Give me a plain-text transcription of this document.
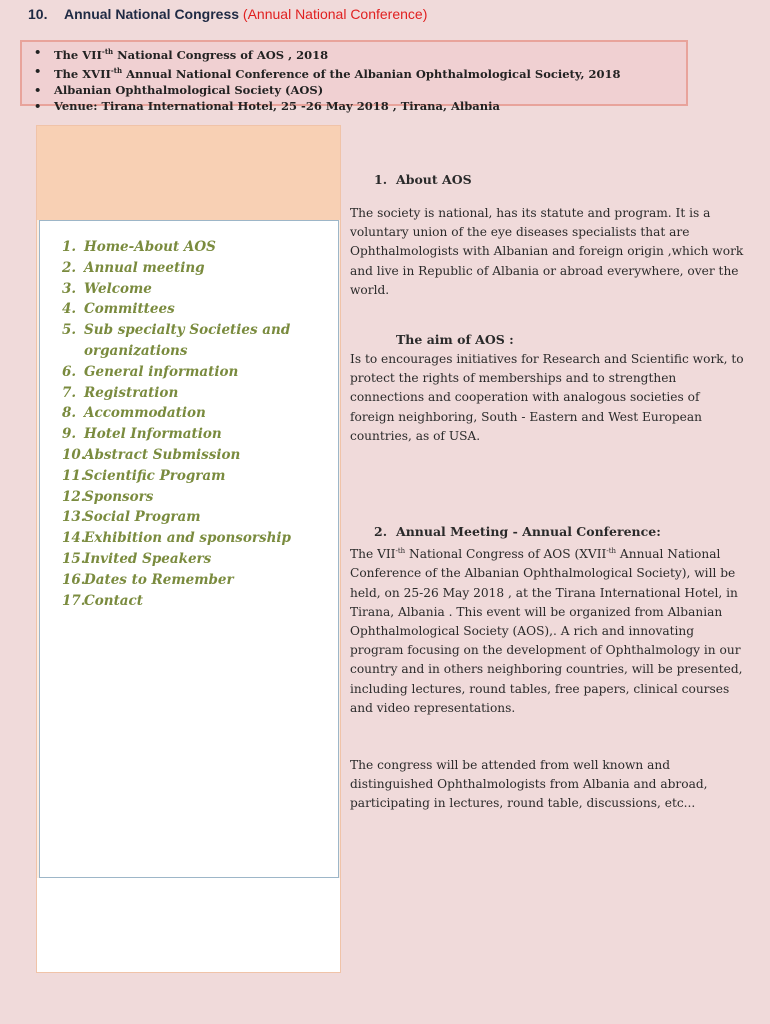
10. Annual National Congress (Annual National Conference)
• The $VII^{-th}$ National Congress of AOS , 2018
• The $XVII^{-th}$ Annual National Conference of the Albanian Ophthalmological Society, 2018
• Albanian Ophthalmological Society (AOS)
• Venue: Tirana International Hotel, 25 -26 May 2018 , Tirana, Albania
1. Home-About AOS
2. Annual meeting
3. Welcome
4. Committees
5. Sub specialty Societies and organizations
6. General information
7. Registration
8. Accommodation
9. Hotel Information
10.
Abstract Submission
11.
Scientific Program
12.
Sponsors
13.
Social Program
14.
Exhibition and sponsorship
15.
Invited Speakers
16.
Dates to Remember
17.
Contact
1. About AOS

The society is national, has its statute and program. It is a voluntary union of the eye diseases specialists that are Ophthalmologists with Albanian and foreign origin ,which work and live in Republic of Albania or abroad everywhere, over the world.

The aim of AOS :

Is to encourages initiatives for Research and Scientific work, to protect the rights of memberships and to strengthen connections and cooperation with analogous societies of foreign neighboring, South - Eastern and West European countries, as of USA.

2. Annual Meeting - Annual Conference:

The $VII^{-th}$ National Congress of AOS ($XVII^{-th}$ Annual National Conference of the Albanian Ophthalmological Society), will be held, on 25-26 May 2018 , at the Tirana International Hotel, in Tirana, Albania . This event will be organized from Albanian Ophthalmological Society (AOS),. A rich and innovating program focusing on the development of Ophthalmology in our country and in others neighboring countries, will be presented, including lectures, round tables, free papers, clinical courses and video representations.

The congress will be attended from well known and distinguished Ophthalmologists from Albania and abroad, participating in lectures, round table, discussions, etc...
